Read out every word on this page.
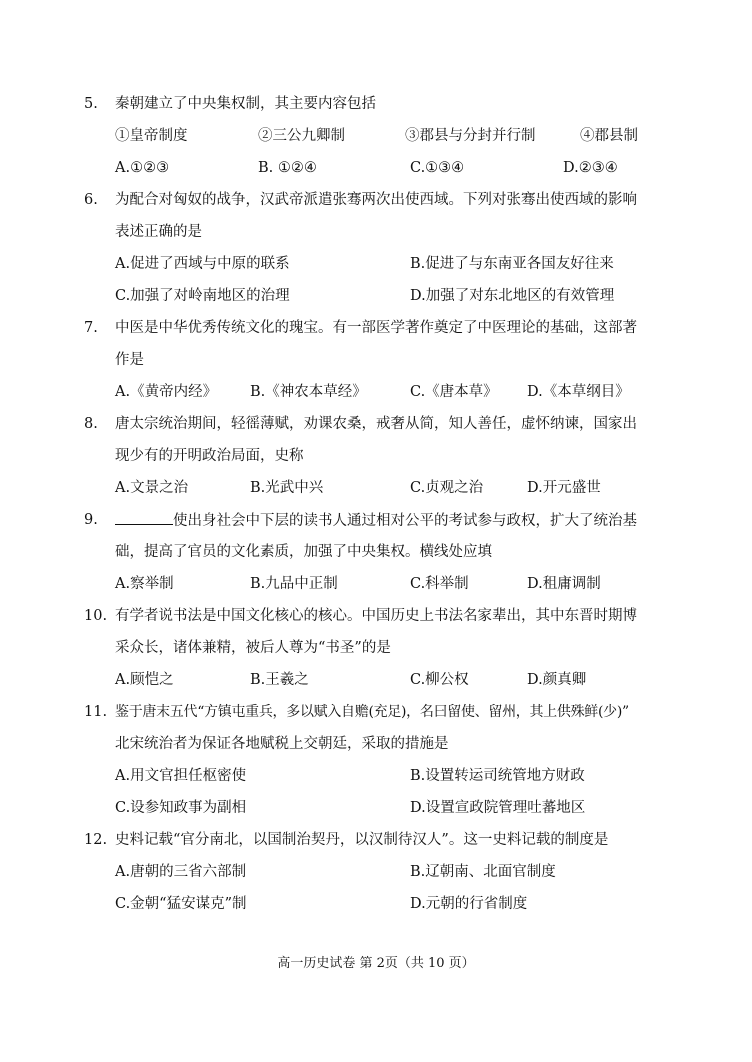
5. 秦朝建立了中央集权制，其主要内容包括
①皇帝制度	②三公九卿制	③郡县与分封并行制	④郡县制
A.①②③	B. ①②④	C.①③④	D.②③④
6. 为配合对匈奴的战争，汉武帝派遣张骞两次出使西域。下列对张骞出使西域的影响
表述正确的是
A.促进了西域与中原的联系	B.促进了与东南亚各国友好往来
C.加强了对岭南地区的治理	D.加强了对东北地区的有效管理
7. 中医是中华优秀传统文化的瑰宝。有一部医学著作奠定了中医理论的基础，这部著
作是
A.《黄帝内经》 B.《神农本草经》	C.《唐本草》 D.《本草纲目》
8. 唐太宗统治期间，轻徭薄赋，劝课农桑，戒奢从简，知人善任，虚怀纳谏，国家出
现少有的开明政治局面，史称
A.文景之治	B.光武中兴	C.贞观之治	D.开元盛世
9.	使出身社会中下层的读书人通过相对公平的考试参与政权，扩大了统治基
础，提高了官员的文化素质，加强了中央集权。横线处应填
A.察举制	B.九品中正制	C.科举制	D.租庸调制
10. 有学者说书法是中国文化核心的核心。中国历史上书法名家辈出，其中东晋时期博
采众长，诸体兼精，被后人尊为“书圣”的是
A.顾恺之	B.王羲之	C.柳公权	D.颜真卿
11. 鉴于唐末五代“方镇屯重兵，多以赋入自赡(充足)，名曰留使、留州，其上供殊鲜(少)”
北宋统治者为保证各地赋税上交朝廷，采取的措施是
A.用文官担任枢密使	B.设置转运司统管地方财政
C.设参知政事为副相	D.设置宣政院管理吐蕃地区
12. 史料记载“官分南北，以国制治契丹，以汉制待汉人”。这一史料记载的制度是
A.唐朝的三省六部制	B.辽朝南、北面官制度
C.金朝“猛安谋克”制	D.元朝的行省制度
高一历史试卷 第 2页（共 10 页）
